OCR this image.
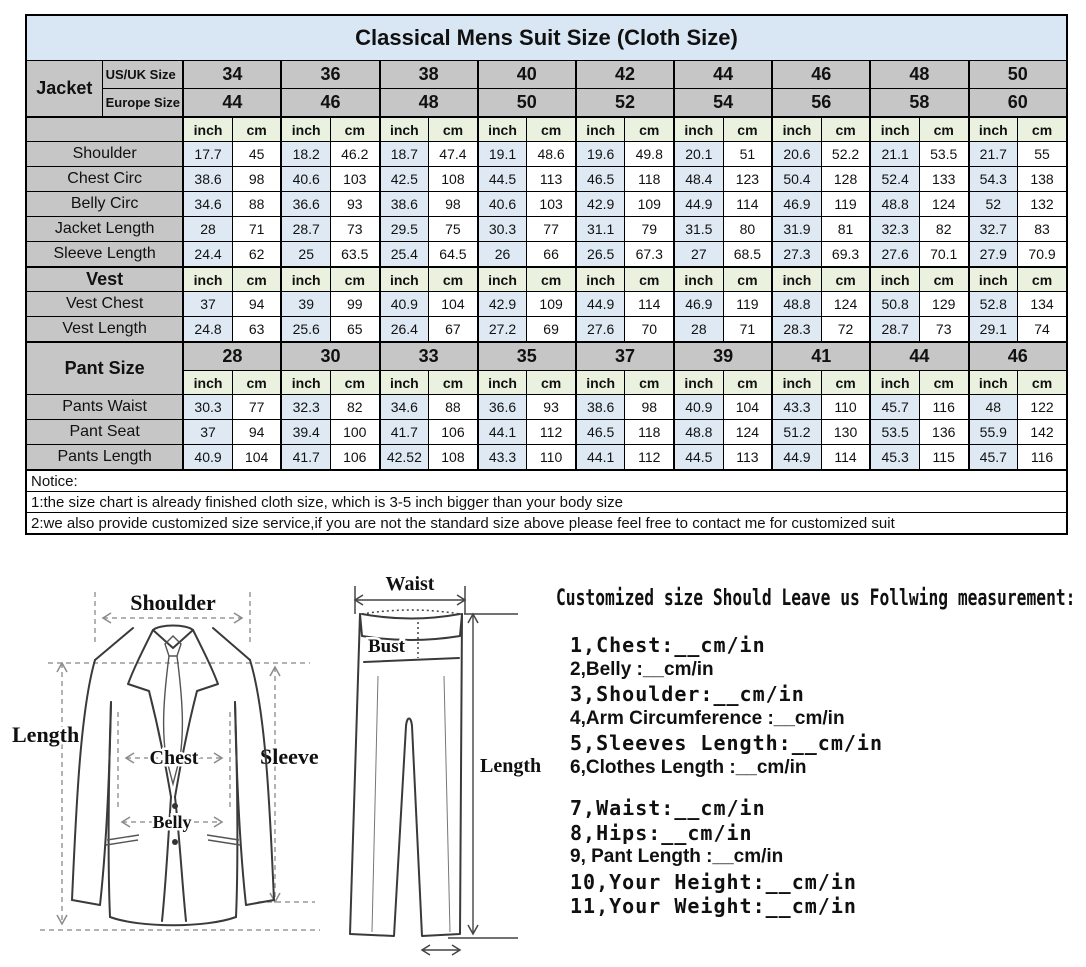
Classical Mens Suit Size (Cloth Size)																			
Jacket	US/UK Size	34		36		38		40		42		44		46		48		50	
	Europe Size	44		46		48		50		52		54		56		58		60	
		inch	cm	inch	cm	inch	cm	inch	cm	inch	cm	inch	cm	inch	cm	inch	cm	inch	cm
Shoulder		17.7	45	18.2	46.2	18.7	47.4	19.1	48.6	19.6	49.8	20.1	51	20.6	52.2	21.1	53.5	21.7	55
Chest Circ		38.6	98	40.6	103	42.5	108	44.5	113	46.5	118	48.4	123	50.4	128	52.4	133	54.3	138
Belly Circ		34.6	88	36.6	93	38.6	98	40.6	103	42.9	109	44.9	114	46.9	119	48.8	124	52	132
Jacket Length		28	71	28.7	73	29.5	75	30.3	77	31.1	79	31.5	80	31.9	81	32.3	82	32.7	83
Sleeve Length		24.4	62	25	63.5	25.4	64.5	26	66	26.5	67.3	27	68.5	27.3	69.3	27.6	70.1	27.9	70.9
Vest		inch	cm	inch	cm	inch	cm	inch	cm	inch	cm	inch	cm	inch	cm	inch	cm	inch	cm
Vest Chest		37	94	39	99	40.9	104	42.9	109	44.9	114	46.9	119	48.8	124	50.8	129	52.8	134
Vest Length		24.8	63	25.6	65	26.4	67	27.2	69	27.6	70	28	71	28.3	72	28.7	73	29.1	74
Pant Size		28		30		33		35		37		39		41		44		46	
		inch	cm	inch	cm	inch	cm	inch	cm	inch	cm	inch	cm	inch	cm	inch	cm	inch	cm
Pants Waist		30.3	77	32.3	82	34.6	88	36.6	93	38.6	98	40.9	104	43.3	110	45.7	116	48	122
Pant Seat		37	94	39.4	100	41.7	106	44.1	112	46.5	118	48.8	124	51.2	130	53.5	136	55.9	142
Pants Length		40.9	104	41.7	106	42.52	108	43.3	110	44.1	112	44.5	113	44.9	114	45.3	115	45.7	116
Notice:																			
1:the size chart is already finished cloth size, which is 3-5 inch bigger than your body size																			
2:we also provide customized size service,if you are not the standard size above please feel free to contact me for customized suit																			
Shoulder
Length
Sleeve
Chest
Belly
Waist
Bust
Length
Customized size Should Leave us Follwing measurement:
1,Chest:__cm/in
2,Belly :__cm/in
3,Shoulder:__cm/in
4,Arm Circumference :__cm/in
5,Sleeves Length:__cm/in
6,Clothes Length :__cm/in
7,Waist:__cm/in
8,Hips:__cm/in
9, Pant Length :__cm/in
10,Your Height:__cm/in
11,Your Weight:__cm/in
